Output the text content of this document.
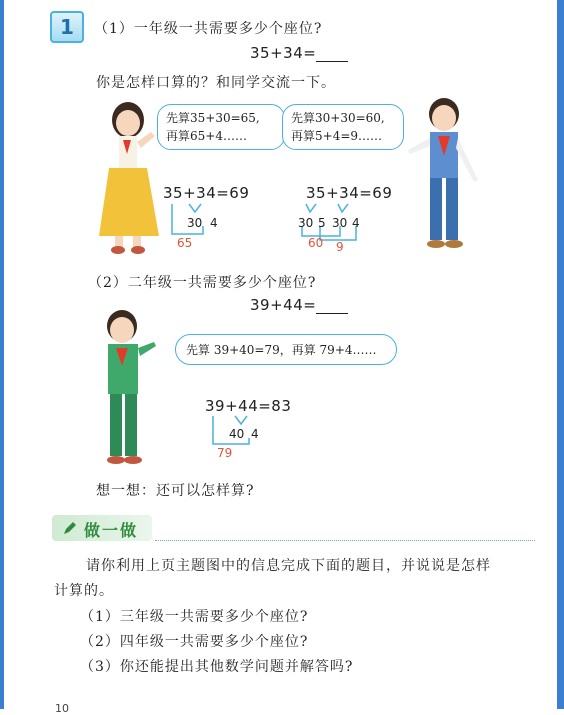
1	（1）一年级一共需要多少个座位?
35+34=
你是怎样口算的？和同学交流一下。
先算35+30=65,
再算65+4……
先算30+30=60,
再算5+4=9……
35+34=69
30 4
65
35+34=69
30 5 30 4
60 9
（2）二年级一共需要多少个座位?
39+44=
先算 39+40=79，再算 79+4……
39+44=83
40 4
79
想一想：还可以怎样算?
做一做
请你利用上页主题图中的信息完成下面的题目，并说说是怎样
计算的。
（1）三年级一共需要多少个座位?
（2）四年级一共需要多少个座位?
（3）你还能提出其他数学问题并解答吗?
10
